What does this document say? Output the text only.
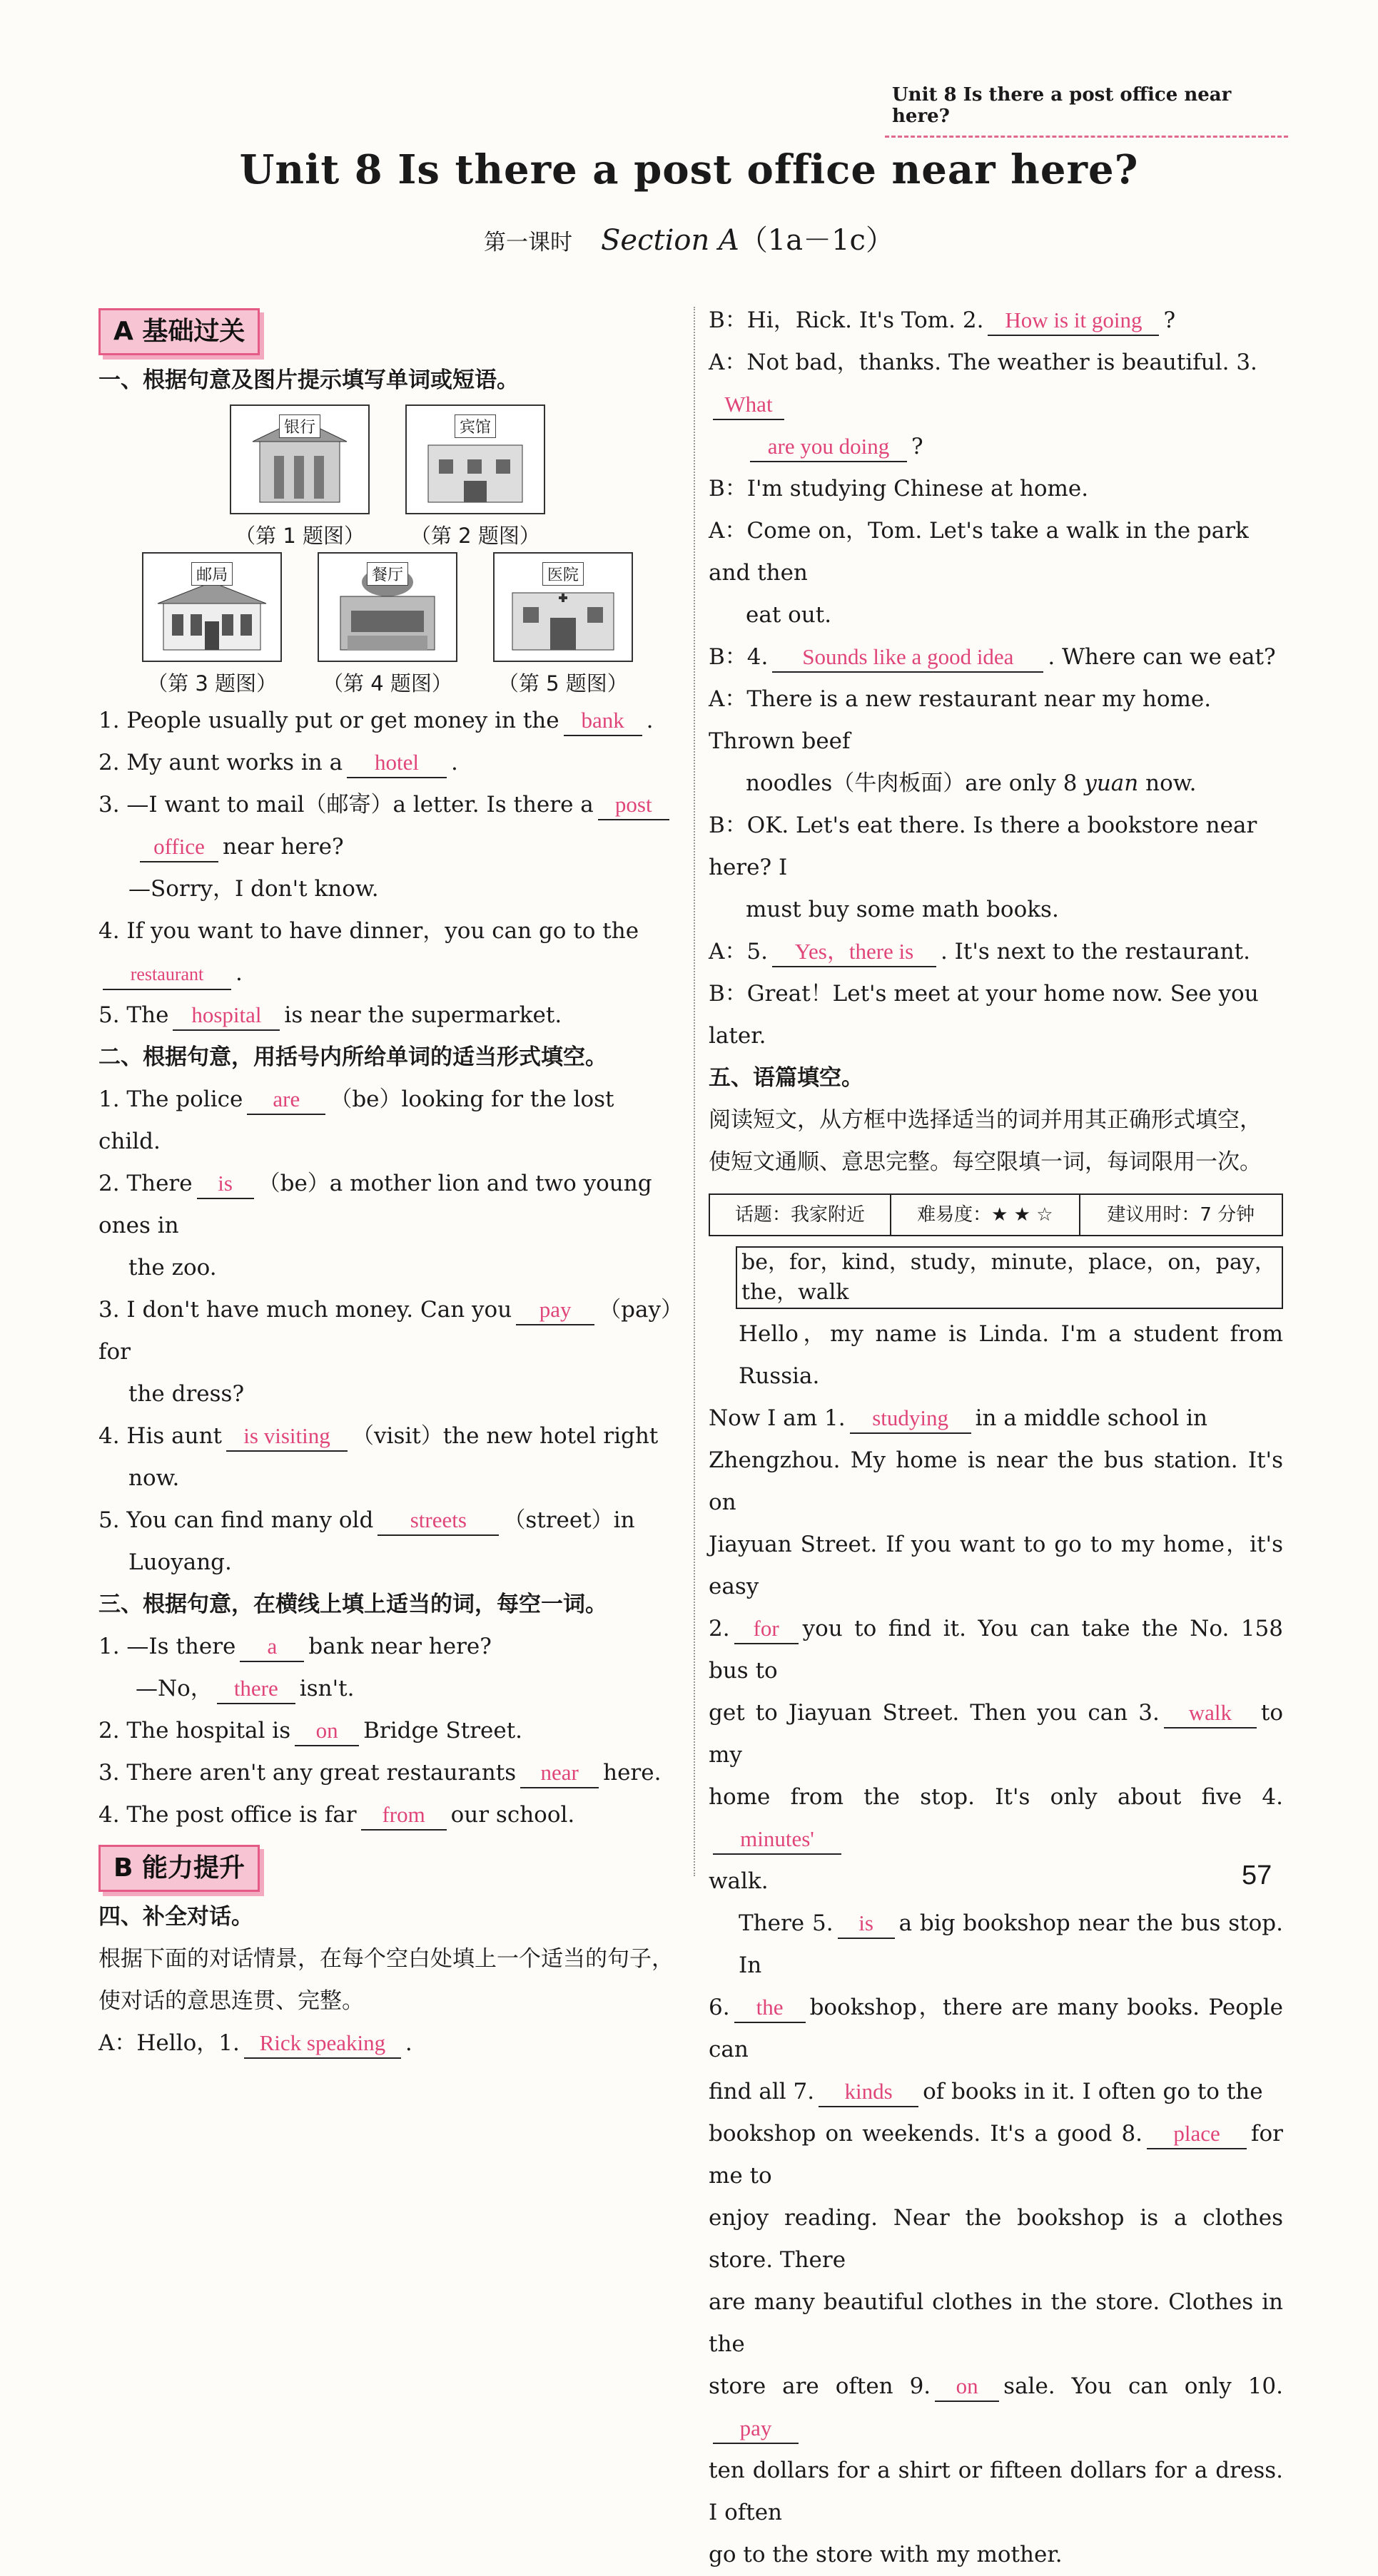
Unit 8 Is there a post office near here?
Unit 8 Is there a post office near here?
第一课时 Section A（1a－1c）
A 基础过关
一、根据句意及图片提示填写单词或短语。
银行
（第 1 题图）

宾馆
（第 2 题图）
邮局
（第 3 题图）

餐厅
（第 4 题图）

医院
（第 5 题图）
1. People usually put or get money in the bank .
2. My aunt works in a hotel .
3. —I want to mail（邮寄）a letter. Is there a post
office near here?
—Sorry，I don't know.
4. If you want to have dinner，you can go to therestaurant .
5. The hospital is near the supermarket.
二、根据句意，用括号内所给单词的适当形式填空。
1. The police are （be）looking for the lost child.
2. There is （be）a mother lion and two young ones in
the zoo.
3. I don't have much money. Can you pay （pay）for
the dress?
4. His aunt is visiting （visit）the new hotel right
now.
5. You can find many old streets （street）in
Luoyang.
三、根据句意，在横线上填上适当的词，每空一词。
1. —Is there a bank near here?
—No， there isn't.
2. The hospital is on Bridge Street.
3. There aren't any great restaurants near here.
4. The post office is far from our school.
B 能力提升
四、补全对话。
根据下面的对话情景，在每个空白处填上一个适当的句子，使对话的意思连贯、完整。
A：Hello，1. Rick speaking .
B：Hi，Rick. It's Tom. 2. How is it going ?
A：Not bad，thanks. The weather is beautiful. 3.What
are you doing ?
B：I'm studying Chinese at home.
A：Come on，Tom. Let's take a walk in the park and then
eat out.
B：4. Sounds like a good idea . Where can we eat?
A：There is a new restaurant near my home. Thrown beef
noodles（牛肉板面）are only 8 yuan now.
B：OK. Let's eat there. Is there a bookstore near here? I
must buy some math books.
A：5. Yes，there is . It's next to the restaurant.
B：Great！Let's meet at your home now. See you later.
五、语篇填空。
阅读短文，从方框中选择适当的词并用其正确形式填空，使短文通顺、意思完整。每空限填一词，每词限用一次。
话题：我家附近	难易度：★ ★ ☆	建议用时：7 分钟
be，for，kind，study，minute，place，on，pay，the，walk
Hello，my name is Linda. I'm a student from Russia.
Now I am 1. studying in a middle school in
Zhengzhou. My home is near the bus station. It's on
Jiayuan Street. If you want to go to my home，it's easy
2. for you to find it. You can take the No. 158 bus to
get to Jiayuan Street. Then you can 3. walk to my
home from the stop. It's only about five 4.minutes'
walk.
There 5. is a big bookshop near the bus stop. In
6. the bookshop，there are many books. People can
find all 7. kinds of books in it. I often go to the
bookshop on weekends. It's a good 8. place for me to
enjoy reading. Near the bookshop is a clothes store. There
are many beautiful clothes in the store. Clothes in the
store are often 9. on sale. You can only 10.pay
ten dollars for a shirt or fifteen dollars for a dress. I often
go to the store with my mother.
57
